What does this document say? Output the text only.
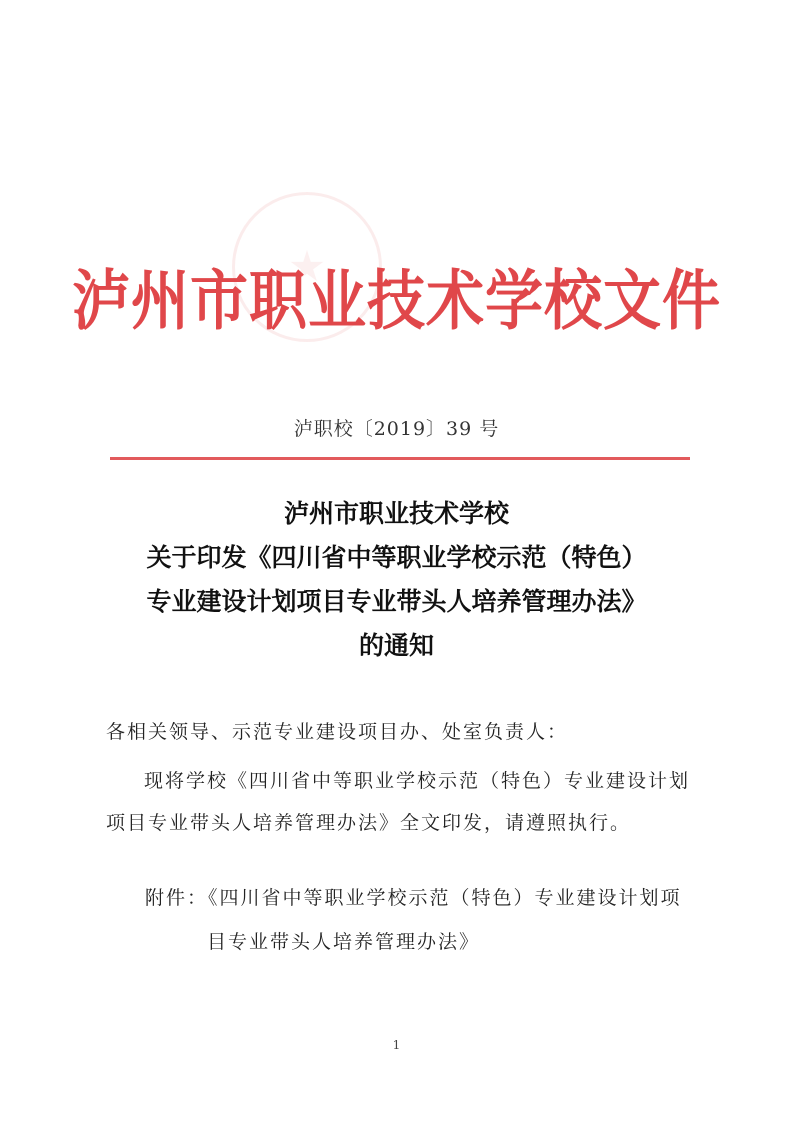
泸州市职业技术学校文件
泸职校〔2019〕39 号
泸州市职业技术学校
关于印发《四川省中等职业学校示范（特色）
专业建设计划项目专业带头人培养管理办法》
的通知
各相关领导、示范专业建设项目办、处室负责人：
现将学校《四川省中等职业学校示范（特色）专业建设计划
项目专业带头人培养管理办法》全文印发，请遵照执行。
附件：《四川省中等职业学校示范（特色）专业建设计划项
目专业带头人培养管理办法》
1
